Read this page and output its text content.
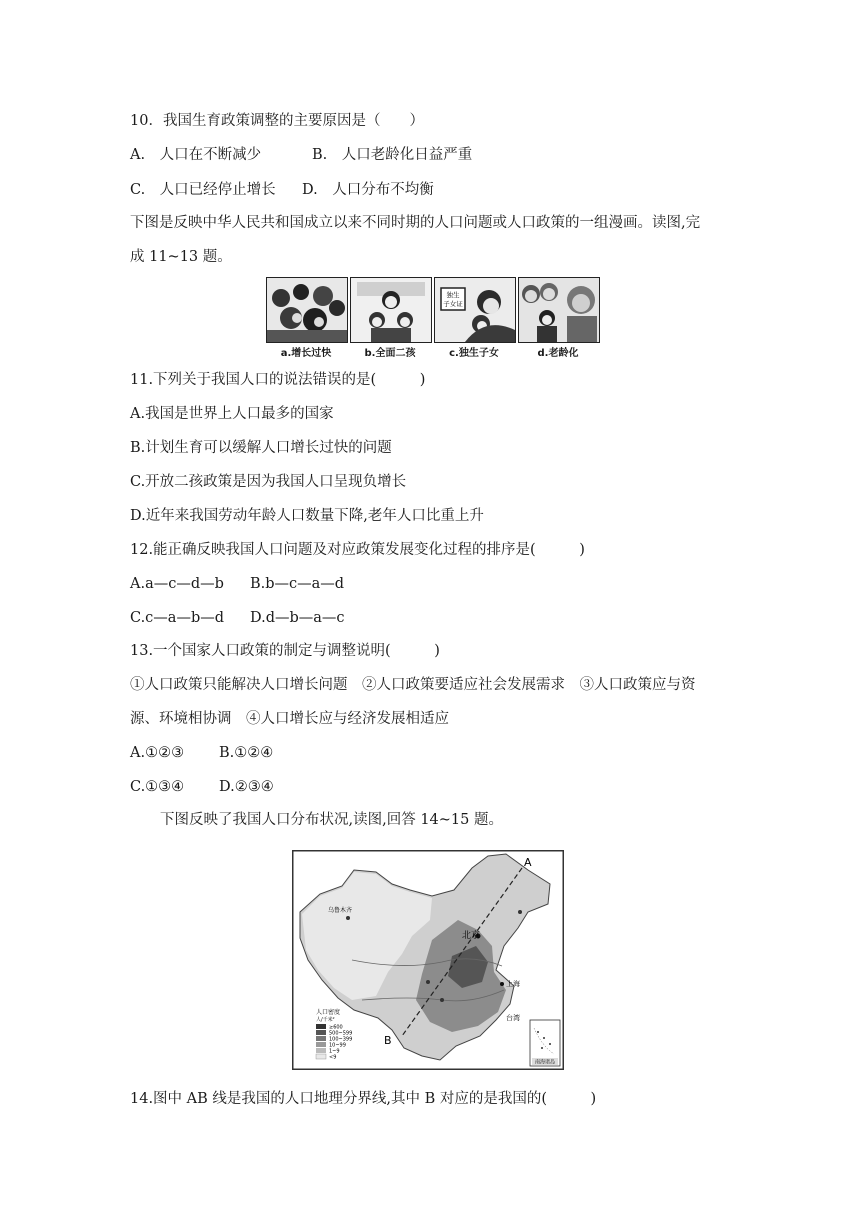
10．我国生育政策调整的主要原因是（　　）
A.　人口在不断减少	B.　人口老龄化日益严重
C.　人口已经停止增长 D.　人口分布不均衡
下图是反映中华人民共和国成立以来不同时期的人口问题或人口政策的一组漫画。读图,完
成 11~13 题。
独生
子女证
a.增长过快	b.全面二孩	c.独生子女	d.老龄化
11.下列关于我国人口的说法错误的是(　　　)
A.我国是世界上人口最多的国家
B.计划生育可以缓解人口增长过快的问题
C.开放二孩政策是因为我国人口呈现负增长
D.近年来我国劳动年龄人口数量下降,老年人口比重上升
12.能正确反映我国人口问题及对应政策发展变化过程的排序是(　　　)
A.a—c—d—b B.b—c—a—d
C.c—a—b—d D.d—b—a—c
13.一个国家人口政策的制定与调整说明(　　　)
①人口政策只能解决人口增长问题　②人口政策要适应社会发展需求　③人口政策应与资
源、环境相协调　④人口增长应与经济发展相适应
A.①②③ B.①②④
C.①③④ D.②③④
下图反映了我国人口分布状况,读图,回答 14~15 题。
A
B
北京
上海
台湾
乌鲁木齐
人口密度
人/千米²
≥600
500~599
100~399
10~99
1~9
<9
南海诸岛
14.图中 AB 线是我国的人口地理分界线,其中 B 对应的是我国的(　　　)
